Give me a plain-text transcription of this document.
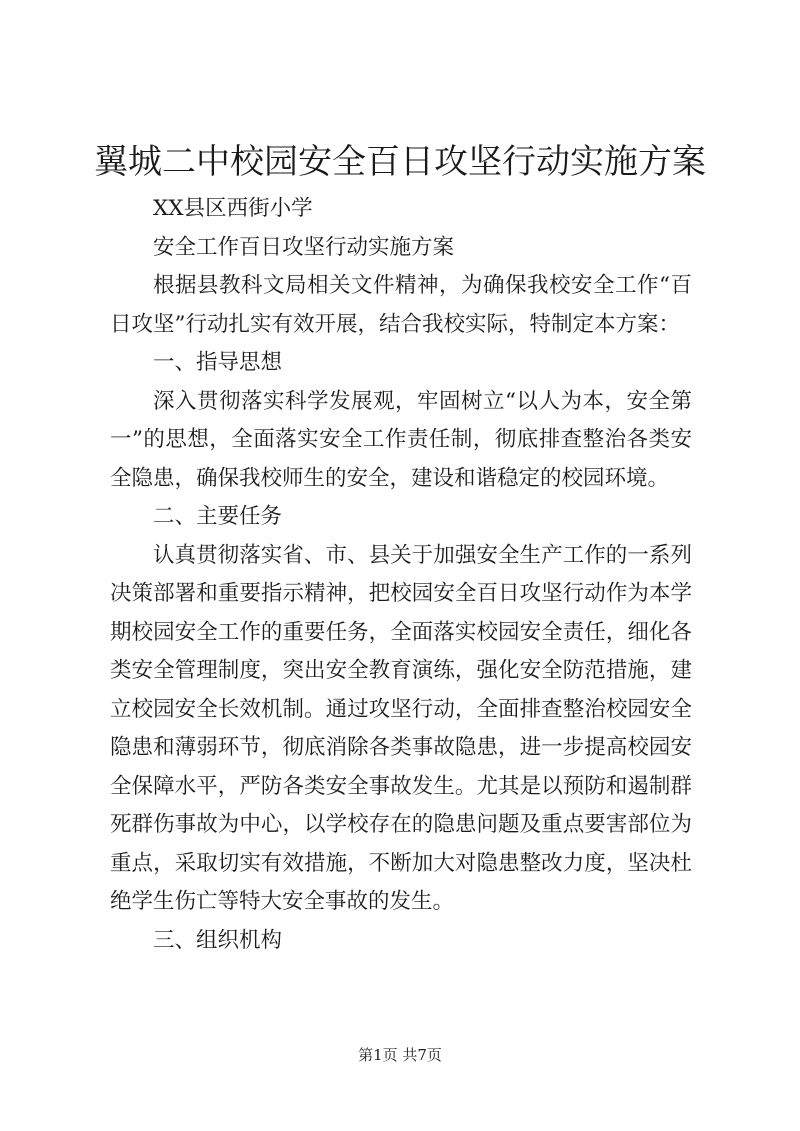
翼城二中校园安全百日攻坚行动实施方案

XX县区西街小学

安全工作百日攻坚行动实施方案

根据县教科文局相关文件精神，为确保我校安全工作“百日攻坚”行动扎实有效开展，结合我校实际，特制定本方案：

一、指导思想

深入贯彻落实科学发展观，牢固树立“以人为本，安全第一”的思想，全面落实安全工作责任制，彻底排查整治各类安全隐患，确保我校师生的安全，建设和谐稳定的校园环境。

二、主要任务

认真贯彻落实省、市、县关于加强安全生产工作的一系列决策部署和重要指示精神，把校园安全百日攻坚行动作为本学期校园安全工作的重要任务，全面落实校园安全责任，细化各类安全管理制度，突出安全教育演练，强化安全防范措施，建立校园安全长效机制。通过攻坚行动，全面排查整治校园安全隐患和薄弱环节，彻底消除各类事故隐患，进一步提高校园安全保障水平，严防各类安全事故发生。尤其是以预防和遏制群死群伤事故为中心，以学校存在的隐患问题及重点要害部位为重点，采取切实有效措施，不断加大对隐患整改力度，坚决杜绝学生伤亡等特大安全事故的发生。

三、组织机构

第1页 共7页
